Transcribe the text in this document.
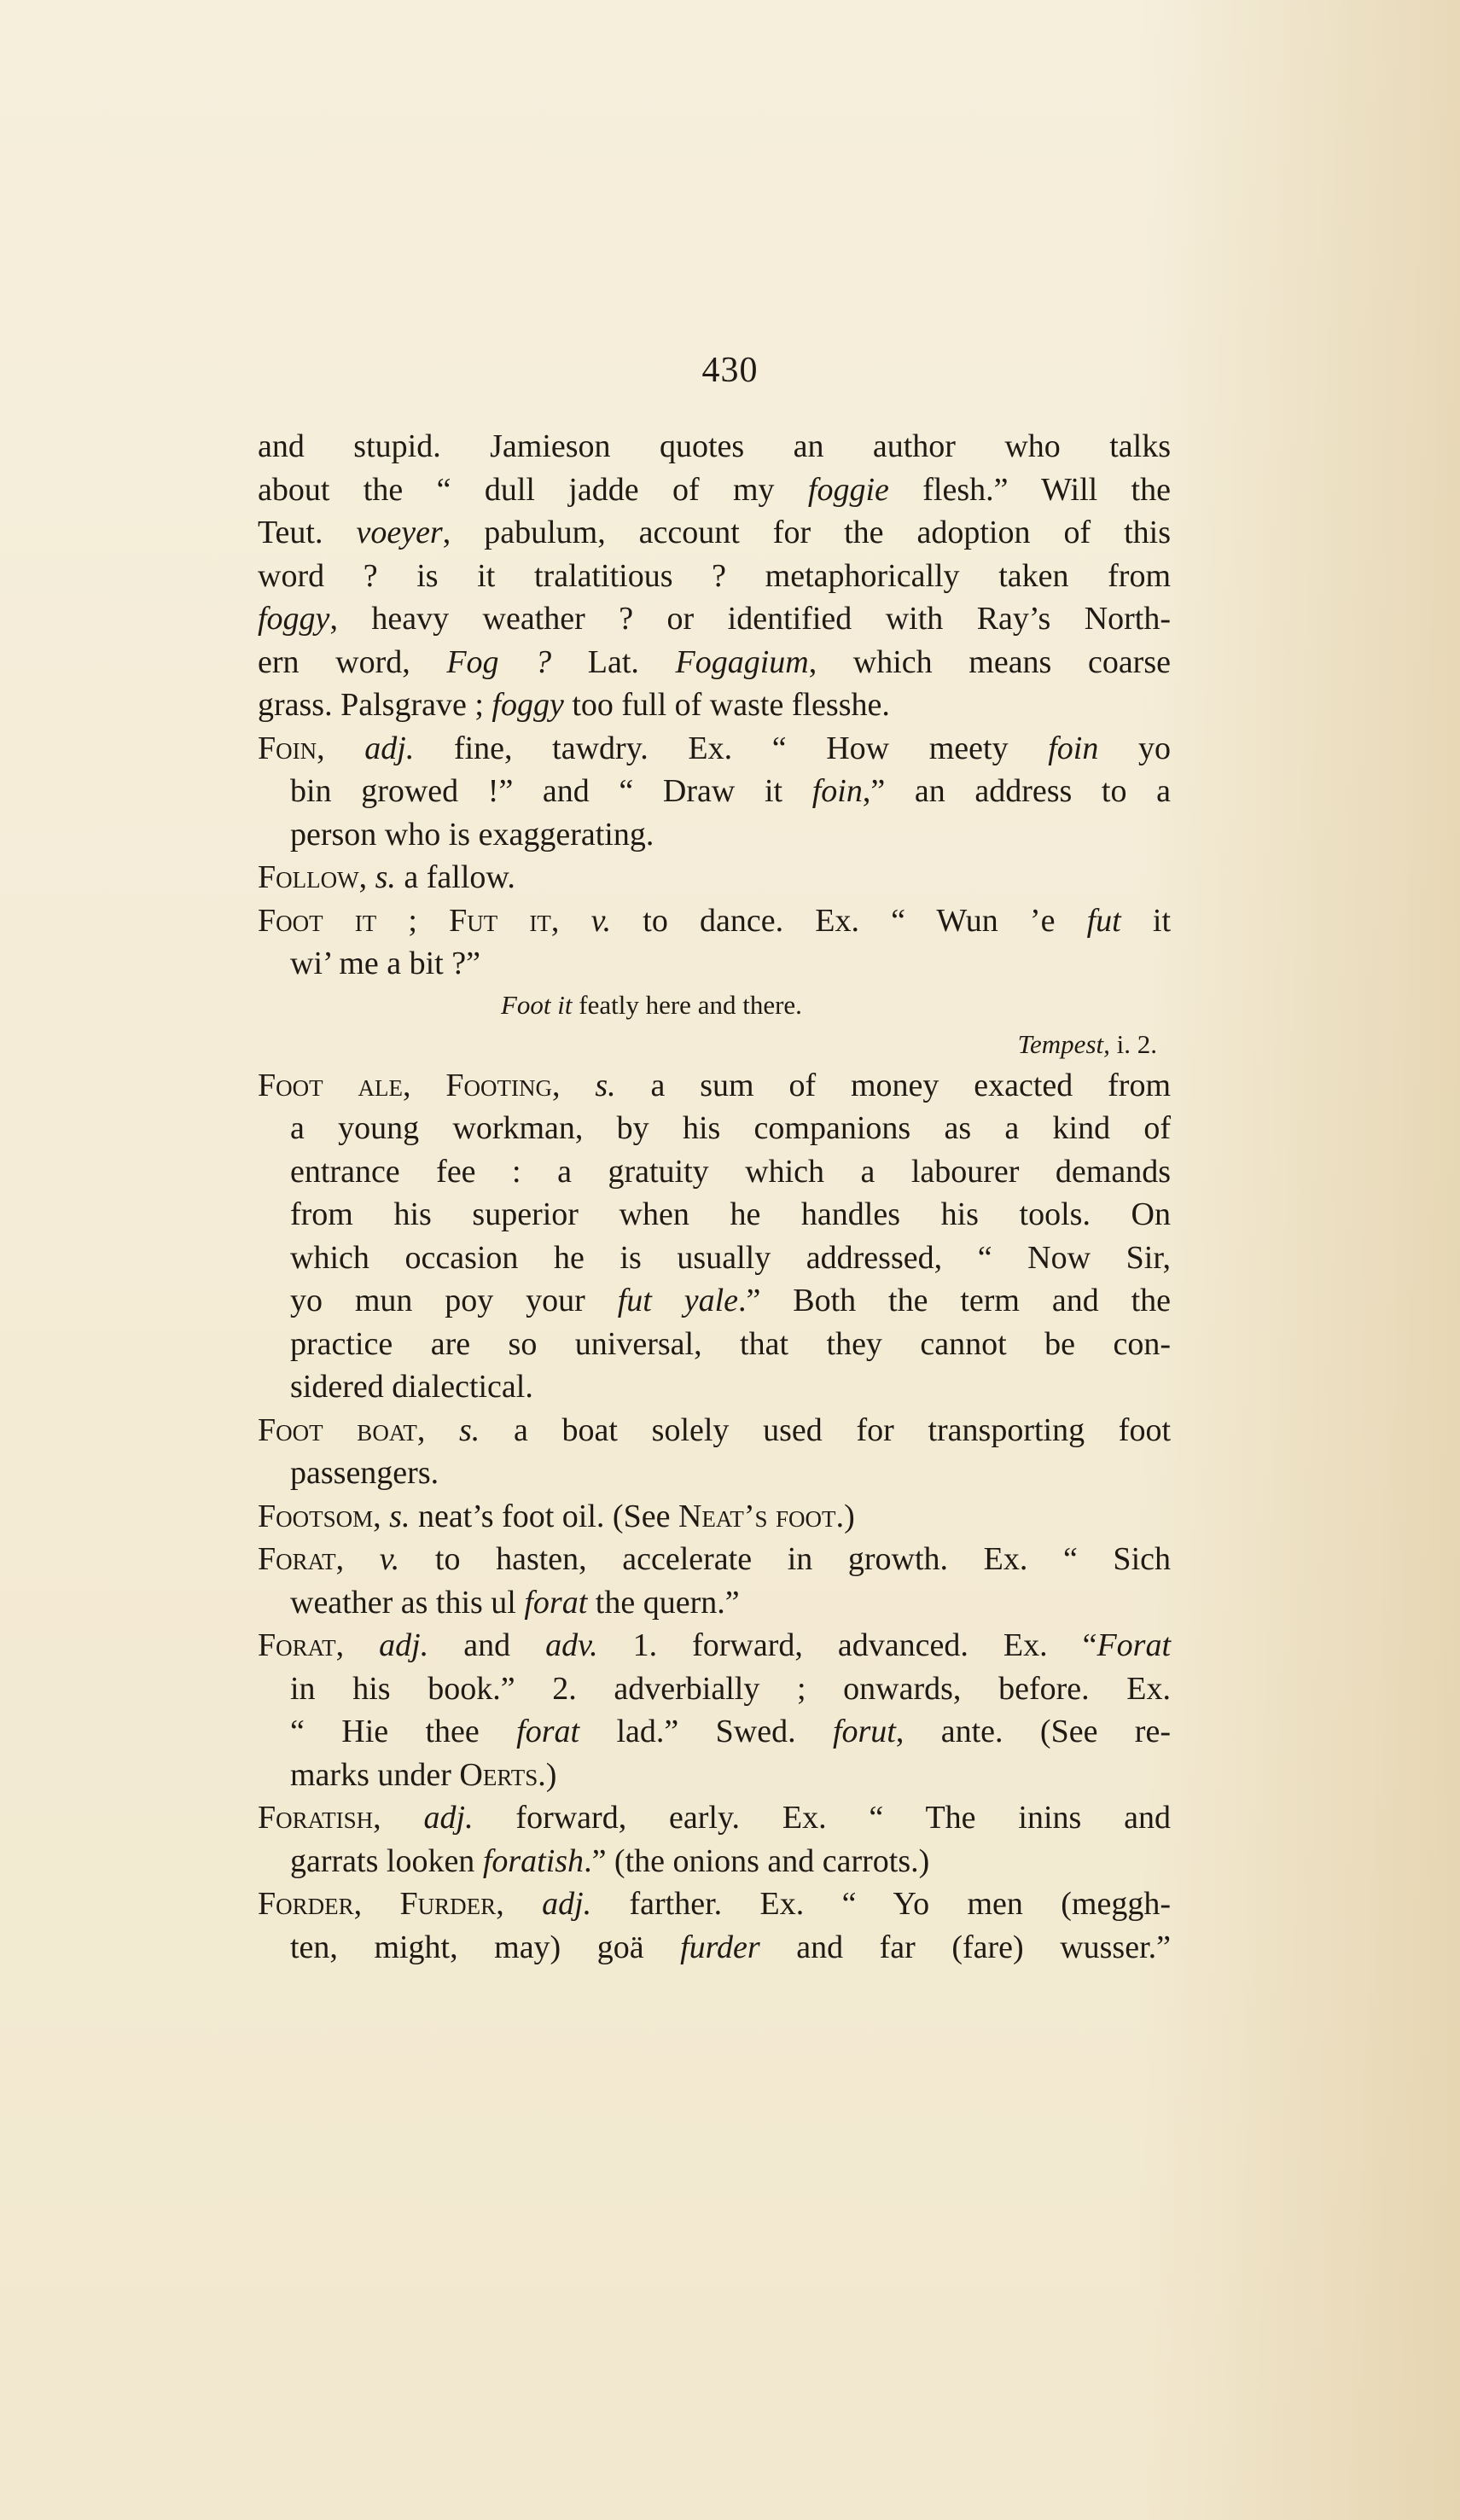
430
and stupid. Jamieson quotes an author who talks
about the “ dull jadde of my foggie flesh.” Will the
Teut. voeyer, pabulum, account for the adoption of this
word ? is it tralatitious ? metaphorically taken from
foggy, heavy weather ? or identified with Ray’s North-
ern word, Fog ? Lat. Fogagium, which means coarse
grass. Palsgrave ; foggy too full of waste flesshe.
Foin, adj. fine, tawdry. Ex. “ How meety foin yo
bin growed !” and “ Draw it foin,” an address to a
person who is exaggerating.
Follow, s. a fallow.
Foot it ; Fut it, v. to dance. Ex. “ Wun ’e fut it
wi’ me a bit ?”
Foot it featly here and there.
Tempest, i. 2.
Foot ale, Footing, s. a sum of money exacted from
a young workman, by his companions as a kind of
entrance fee : a gratuity which a labourer demands
from his superior when he handles his tools. On
which occasion he is usually addressed, “ Now Sir,
yo mun poy your fut yale.” Both the term and the
practice are so universal, that they cannot be con-
sidered dialectical.
Foot boat, s. a boat solely used for transporting foot
passengers.
Footsom, s. neat’s foot oil. (See Neat’s foot.)
Forat, v. to hasten, accelerate in growth. Ex. “ Sich
weather as this ul forat the quern.”
Forat, adj. and adv. 1. forward, advanced. Ex. “Forat
in his book.” 2. adverbially ; onwards, before. Ex.
“ Hie thee forat lad.” Swed. forut, ante. (See re-
marks under Oerts.)
Foratish, adj. forward, early. Ex. “ The inins and
garrats looken foratish.” (the onions and carrots.)
Forder, Furder, adj. farther. Ex. “ Yo men (meggh-
ten, might, may) goä furder and far (fare) wusser.”
